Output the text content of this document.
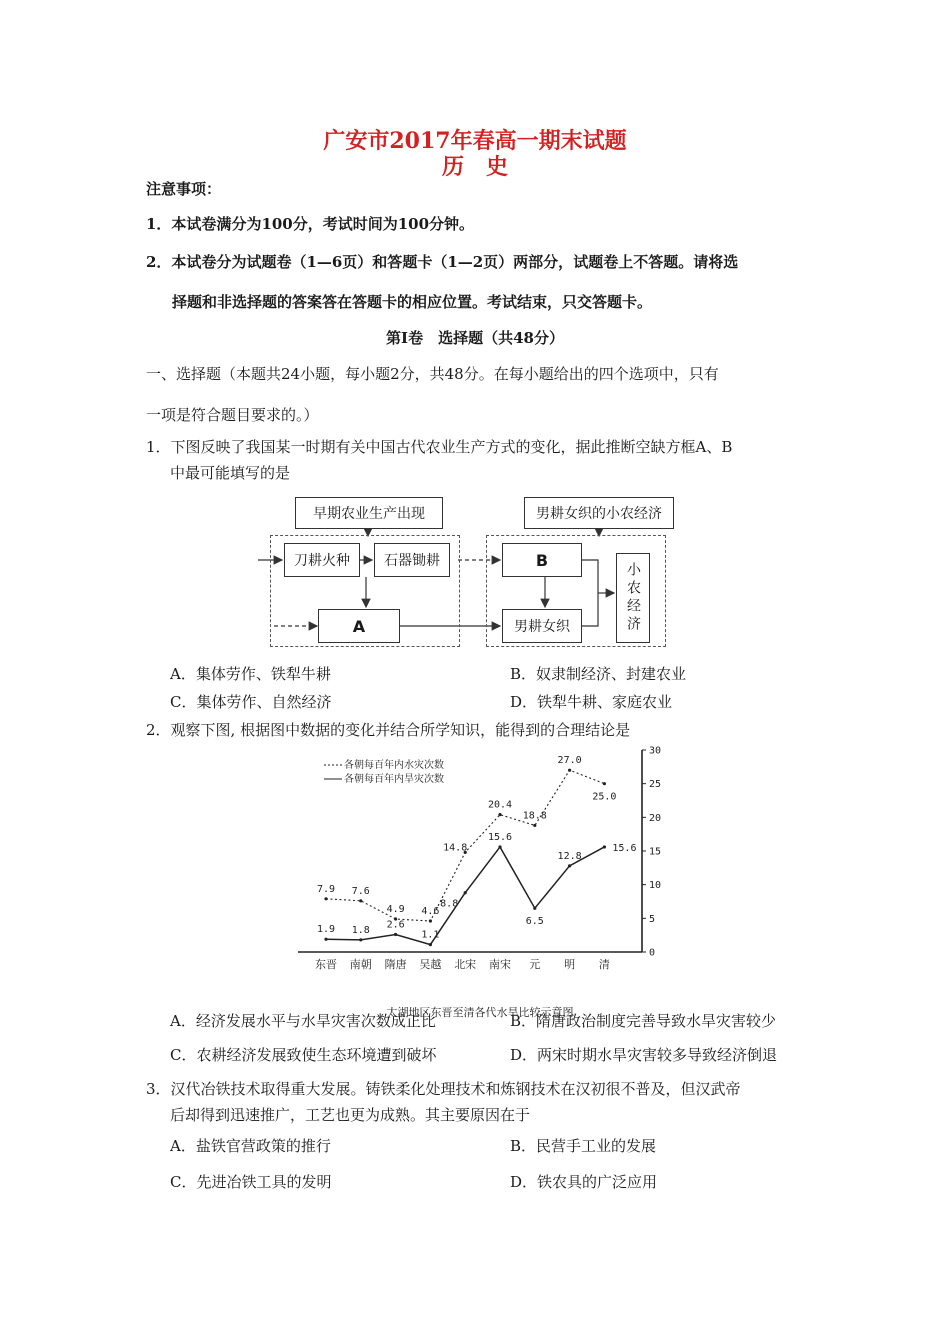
广安市2017年春高一期末试题
历　史
注意事项：
1．本试卷满分为100分，考试时间为100分钟。
2．本试卷分为试题卷（1—6页）和答题卡（1—2页）两部分，试题卷上不答题。请将选
择题和非选择题的答案答在答题卡的相应位置。考试结束，只交答题卡。
第Ⅰ卷　选择题（共48分）
一、选择题（本题共24小题，每小题2分，共48分。在每小题给出的四个选项中，只有
一项是符合题目要求的。）
1．下图反映了我国某一时期有关中国古代农业生产方式的变化，据此推断空缺方框A、B
中最可能填写的是
早期农业生产出现	男耕女织的小农经济
刀耕火种	石器锄耕
A
B
男耕女织	小农经济
A．集体劳作、铁犁牛耕	B．奴隶制经济、封建农业
C．集体劳作、自然经济	D．铁犁牛耕、家庭农业
2．观察下图, 根据图中数据的变化并结合所学知识，能得到的合理结论是
0
5
10
15
20
25
30
东晋 南朝 隋唐 吴越 北宋 南宋 元 明 清
各朝每百年内水灾次数
各朝每百年内旱灾次数
7.9 7.6
4.9 4.6
14.8
20.4
18.8
27.0
25.0
1.9 1.8 2.6
1.1
8.8
15.6
6.5
12.8
15.6
太湖地区东晋至清各代水旱比较示意图
A．经济发展水平与水旱灾害次数成正比	B．隋唐政治制度完善导致水旱灾害较少
C．农耕经济发展致使生态环境遭到破坏	D．两宋时期水旱灾害较多导致经济倒退
3．汉代冶铁技术取得重大发展。铸铁柔化处理技术和炼钢技术在汉初很不普及，但汉武帝
后却得到迅速推广，工艺也更为成熟。其主要原因在于
A．盐铁官营政策的推行	B．民营手工业的发展
C．先进冶铁工具的发明	D．铁农具的广泛应用
